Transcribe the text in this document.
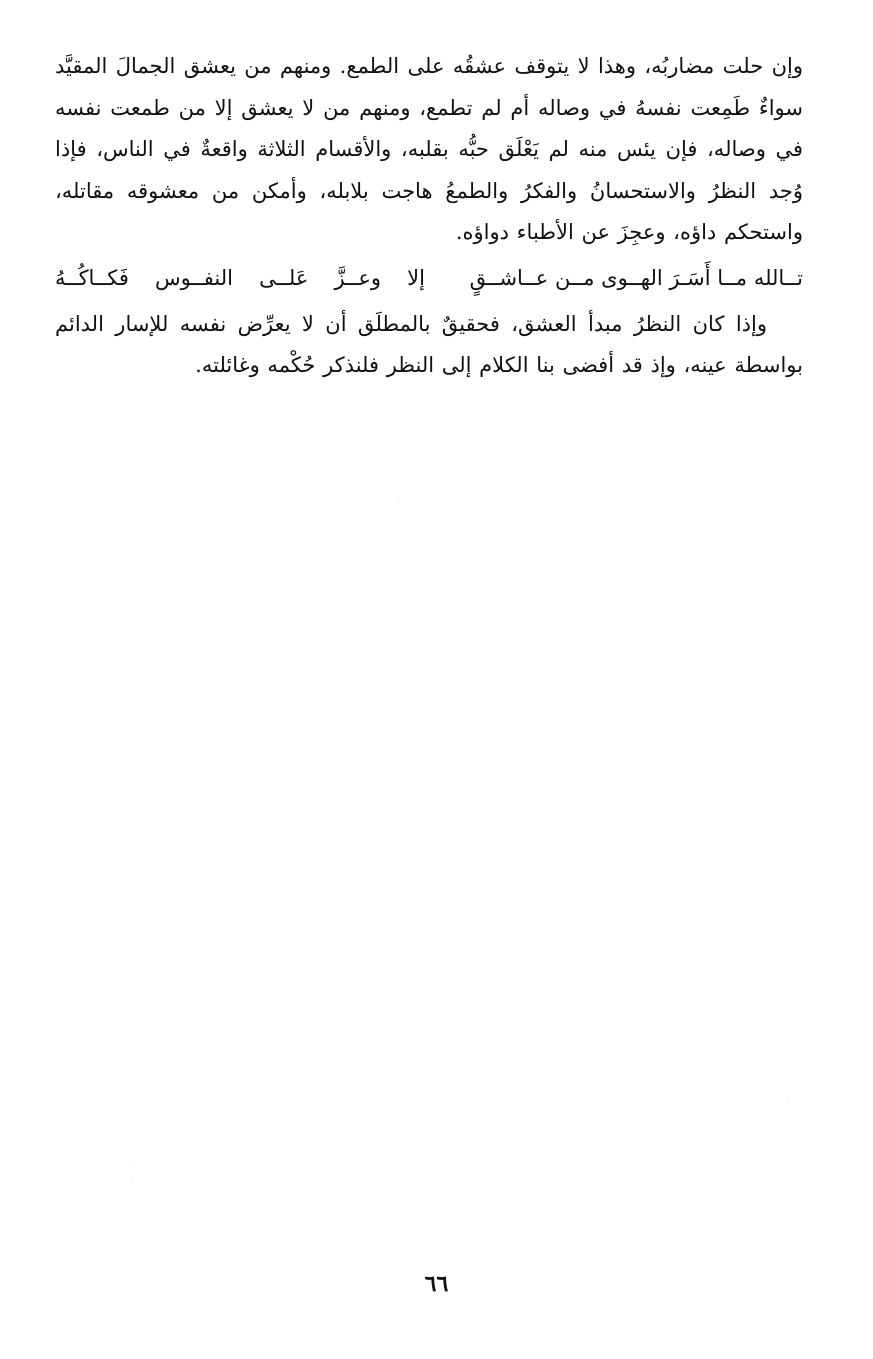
وإن حلت مضاربُه، وهذا لا يتوقف عشقُه على الطمع. ومنهم من يعشق الجمالَ المقيَّد سواءٌ طَمِعت نفسهُ في وصاله أم لم تطمع، ومنهم من لا يعشق إلا من طمعت نفسه في وصاله، فإن يئس منه لم يَعْلَق حبُّه بقلبه، والأقسام الثلاثة واقعةٌ في الناس، فإذا وُجد النظرُ والاستحسانُ والفكرُ والطمعُ هاجت بلابله، وأمكن من معشوقه مقاتله، واستحكم داؤه، وعجِزَ عن الأطباء دواؤه.

تــالله مــا أَسَـرَ الهــوى مــن عــاشــقٍ
إلا وعــزَّ عَلــى النفــوس فَكــاكُــهُ

وإذا كان النظرُ مبدأ العشق، فحقيقٌ بالمطلَق أن لا يعرِّض نفسه للإسار الدائم بواسطة عينه، وإذ قد أفضى بنا الكلام إلى النظر فلنذكر حُكْمه وغائلته.

٦٦
